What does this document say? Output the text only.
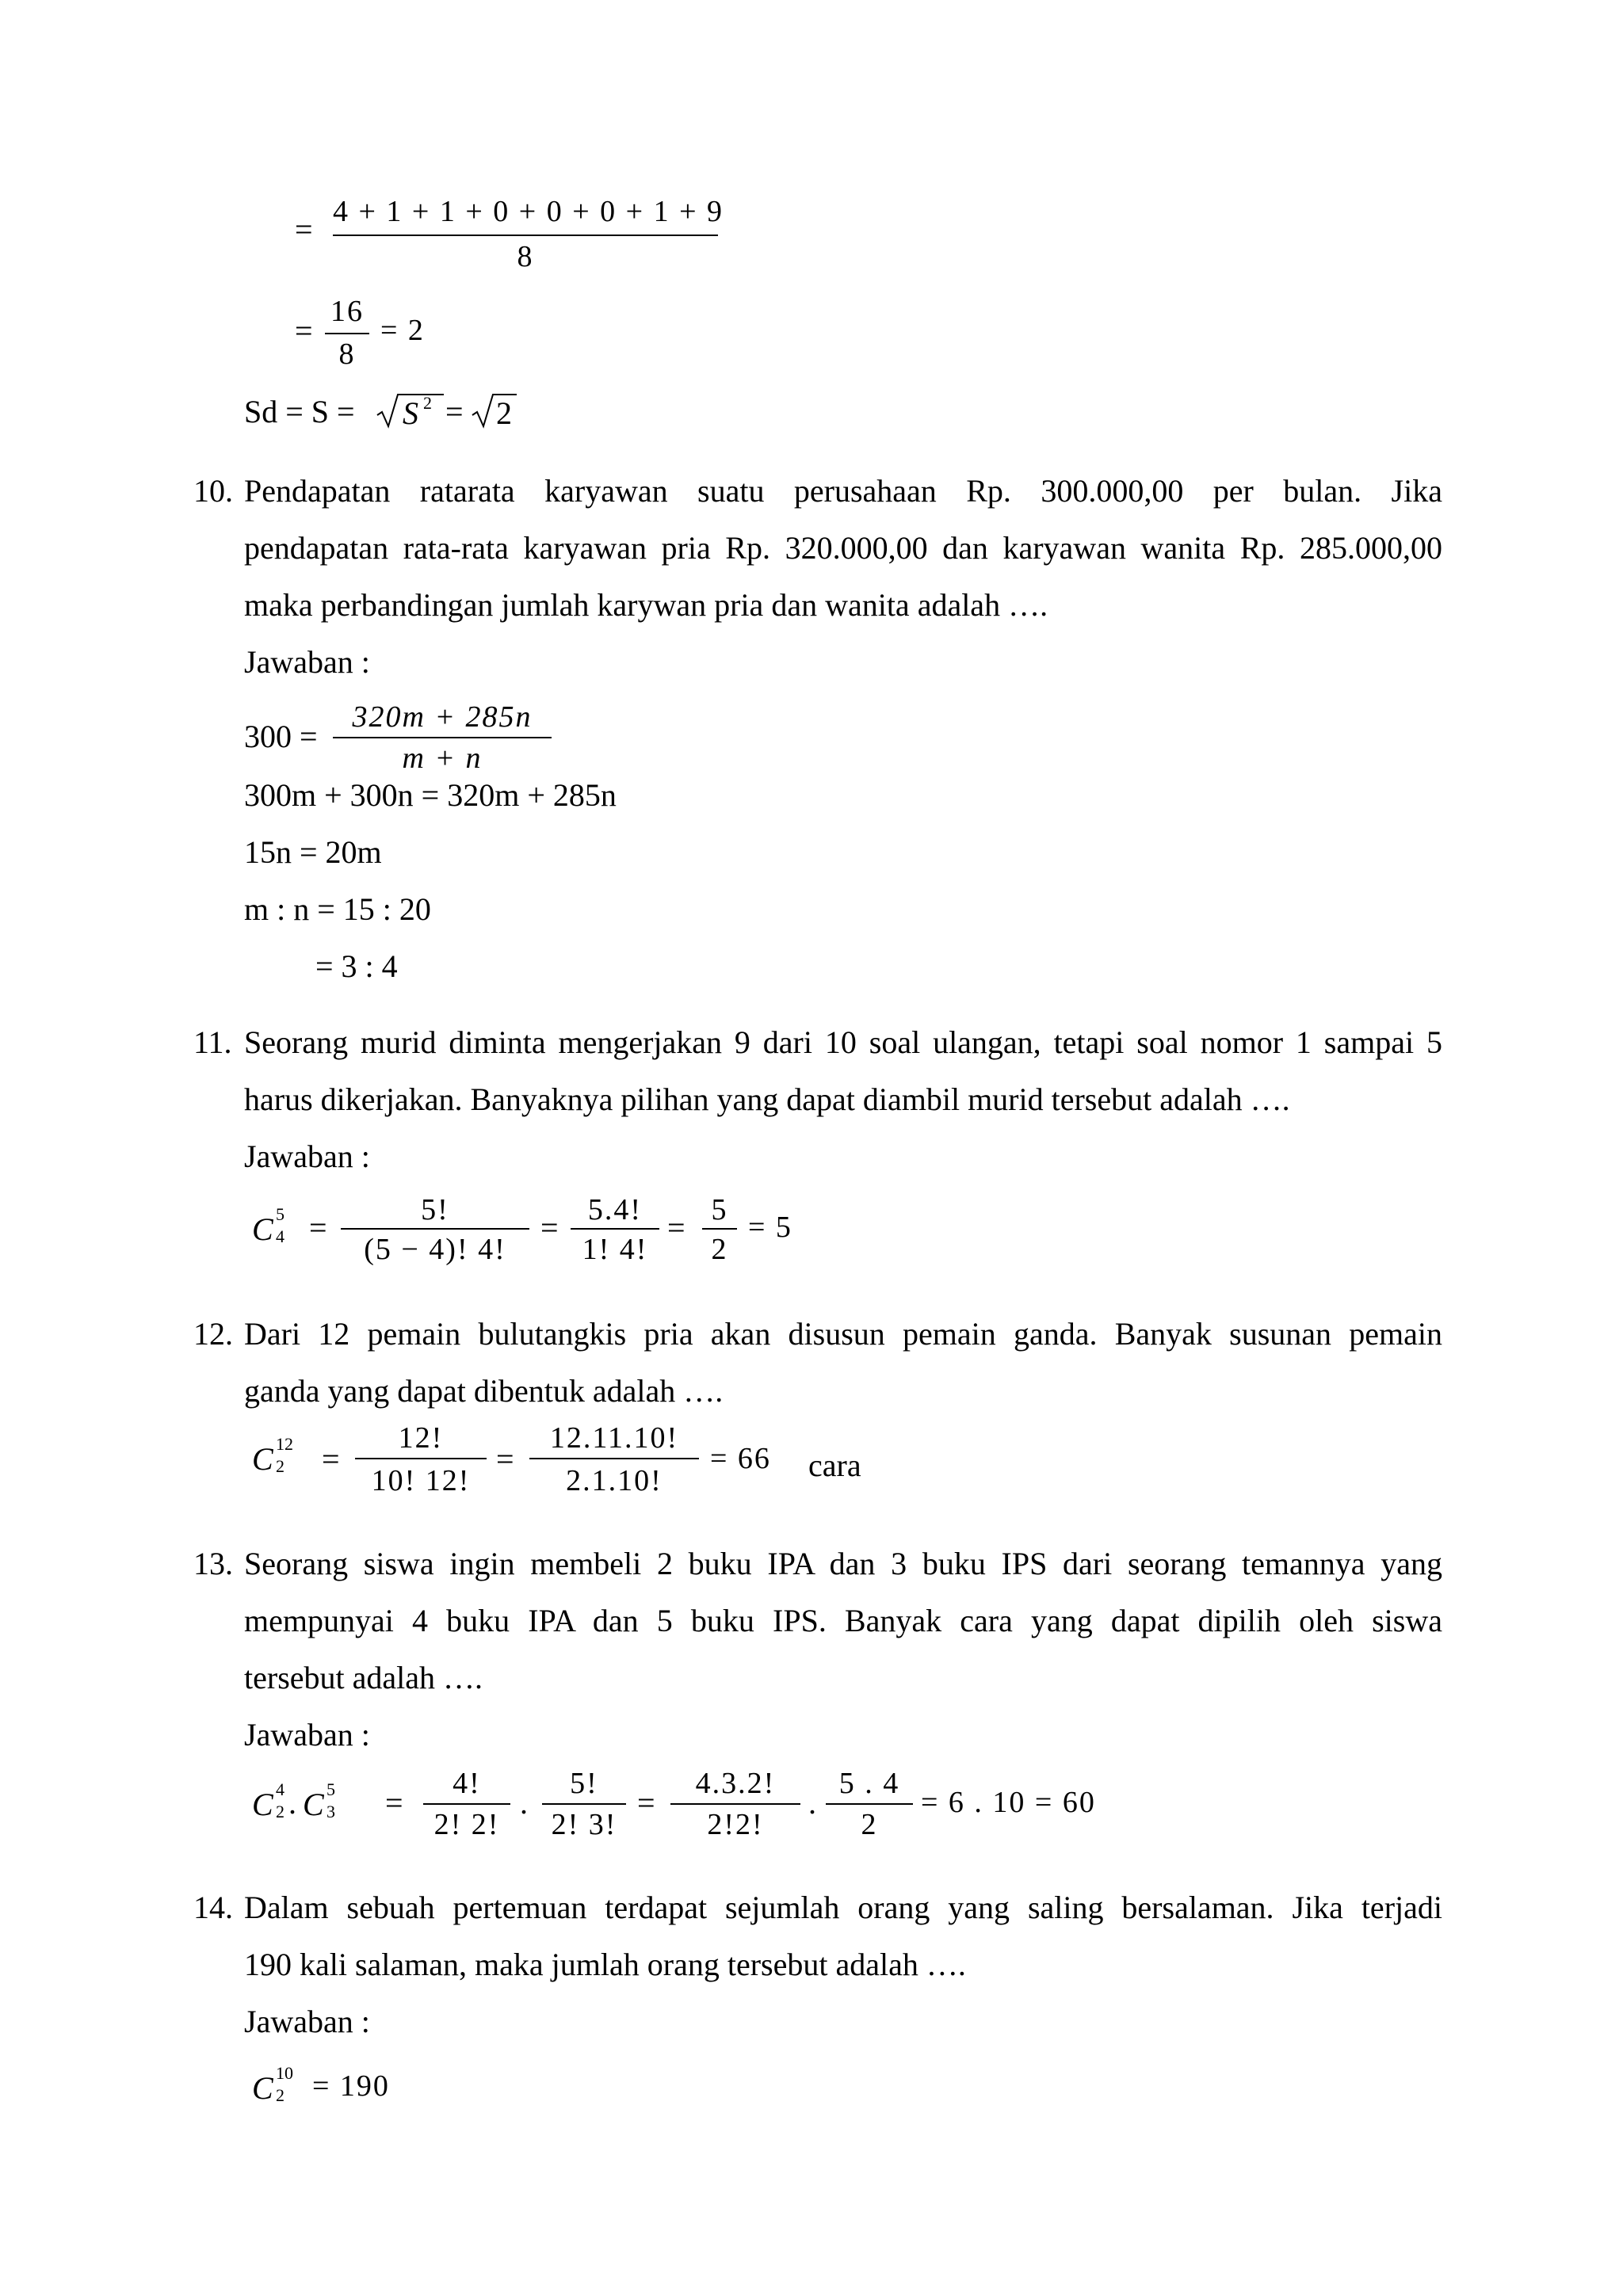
= 4 + 1 + 1 + 0 + 0 + 0 + 1 + 9
8
=
16
8
= 2
Sd = S = S 2 = 2
10. Pendapatan ratarata karyawan suatu perusahaan Rp. 300.000,00 per bulan. Jika
pendapatan rata-rata karyawan pria Rp. 320.000,00 dan karyawan wanita Rp. 285.000,00
maka perbandingan jumlah karywan pria dan wanita adalah ….
Jawaban :
300 =
320m + 285n
m + n
300m + 300n = 320m + 285n
15n = 20m
m : n = 15 : 20
= 3 : 4
11. Seorang murid diminta mengerjakan 9 dari 10 soal ulangan, tetapi soal nomor 1 sampai 5
harus dikerjakan. Banyaknya pilihan yang dapat diambil murid tersebut adalah ….
Jawaban :
C 5
4 =	5!
(5 − 4)! 4!
= 5.4!
1! 4!
= 5
2
= 5
12. Dari 12 pemain bulutangkis pria akan disusun pemain ganda. Banyak susunan pemain
ganda yang dapat dibentuk adalah ….
C 12
2 =
12!
10! 12!
=
12.11.10!
2.1.10!
= 66 cara
13. Seorang siswa ingin membeli 2 buku IPA dan 3 buku IPS dari seorang temannya yang
mempunyai 4 buku IPA dan 5 buku IPS. Banyak cara yang dapat dipilih oleh siswa
tersebut adalah ….
Jawaban :
C 4
2 . C 5
3 =
4!
2! 2!
.
5!
2! 3!
=
4.3.2!
2!2!
.
5 . 4
2
= 6 . 10 = 60
14. Dalam sebuah pertemuan terdapat sejumlah orang yang saling bersalaman. Jika terjadi
190 kali salaman, maka jumlah orang tersebut adalah ….
Jawaban :
C 10
2 = 190
